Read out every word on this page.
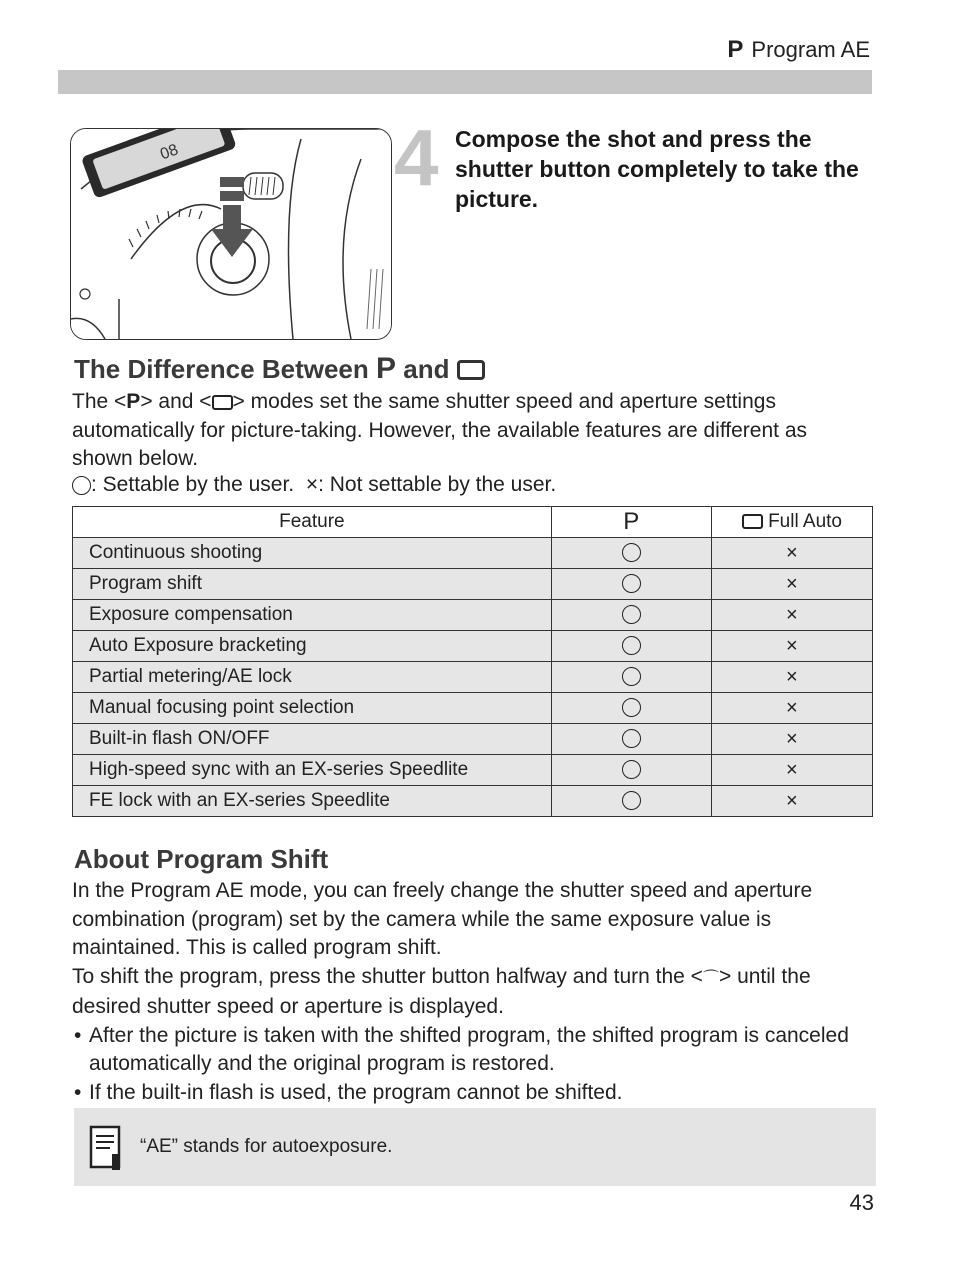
P Program AE
08	4 Compose the shot and press the shutter button completely to take the picture.
The Difference Between P and

The <P> and < > modes set the same shutter speed and aperture settings automatically for picture-taking. However, the available features are different as shown below.

: Settable by the user. ×: Not settable by the user.
Feature	P	Full Auto
Continuous shooting		×
Program shift		×
Exposure compensation		×
Auto Exposure bracketing		×
Partial metering/AE lock		×
Manual focusing point selection		×
Built-in flash ON/OFF		×
High-speed sync with an EX-series Speedlite		×
FE lock with an EX-series Speedlite		×
About Program Shift

In the Program AE mode, you can freely change the shutter speed and aperture combination (program) set by the camera while the same exposure value is maintained. This is called program shift.

To shift the program, press the shutter button halfway and turn the <⌒> until the desired shutter speed or aperture is displayed.

• After the picture is taken with the shifted program, the shifted program is canceled automatically and the original program is restored.
• If the built-in flash is used, the program cannot be shifted.
“AE” stands for autoexposure.
43
